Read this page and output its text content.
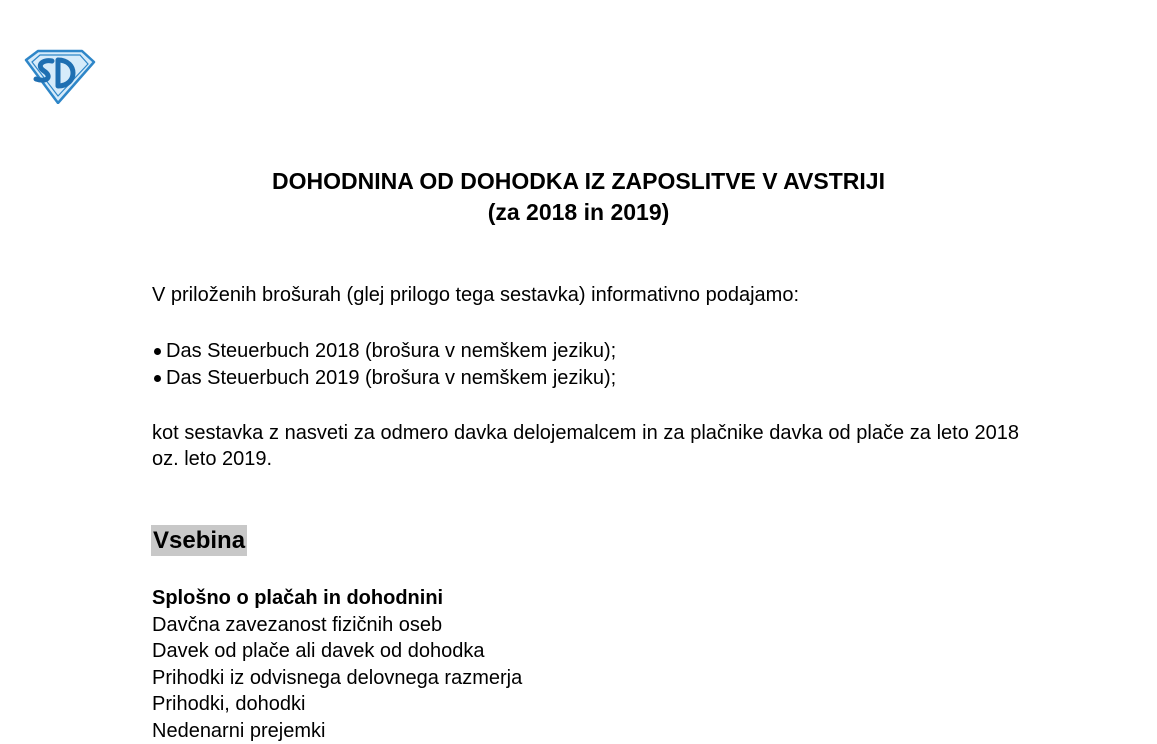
DOHODNINA OD DOHODKA IZ ZAPOSLITVE V AVSTRIJI
(za 2018 in 2019)
V priloženih brošurah (glej prilogo tega sestavka) informativno podajamo:
Das Steuerbuch 2018 (brošura v nemškem jeziku);
Das Steuerbuch 2019 (brošura v nemškem jeziku);
kot sestavka z nasveti za odmero davka delojemalcem in za plačnike davka od plače za leto 2018 oz. leto 2019.
Vsebina
Splošno o plačah in dohodnini
Davčna zavezanost fizičnih oseb
Davek od plače ali davek od dohodka
Prihodki iz odvisnega delovnega razmerja
Prihodki, dohodki
Nedenarni prejemki
